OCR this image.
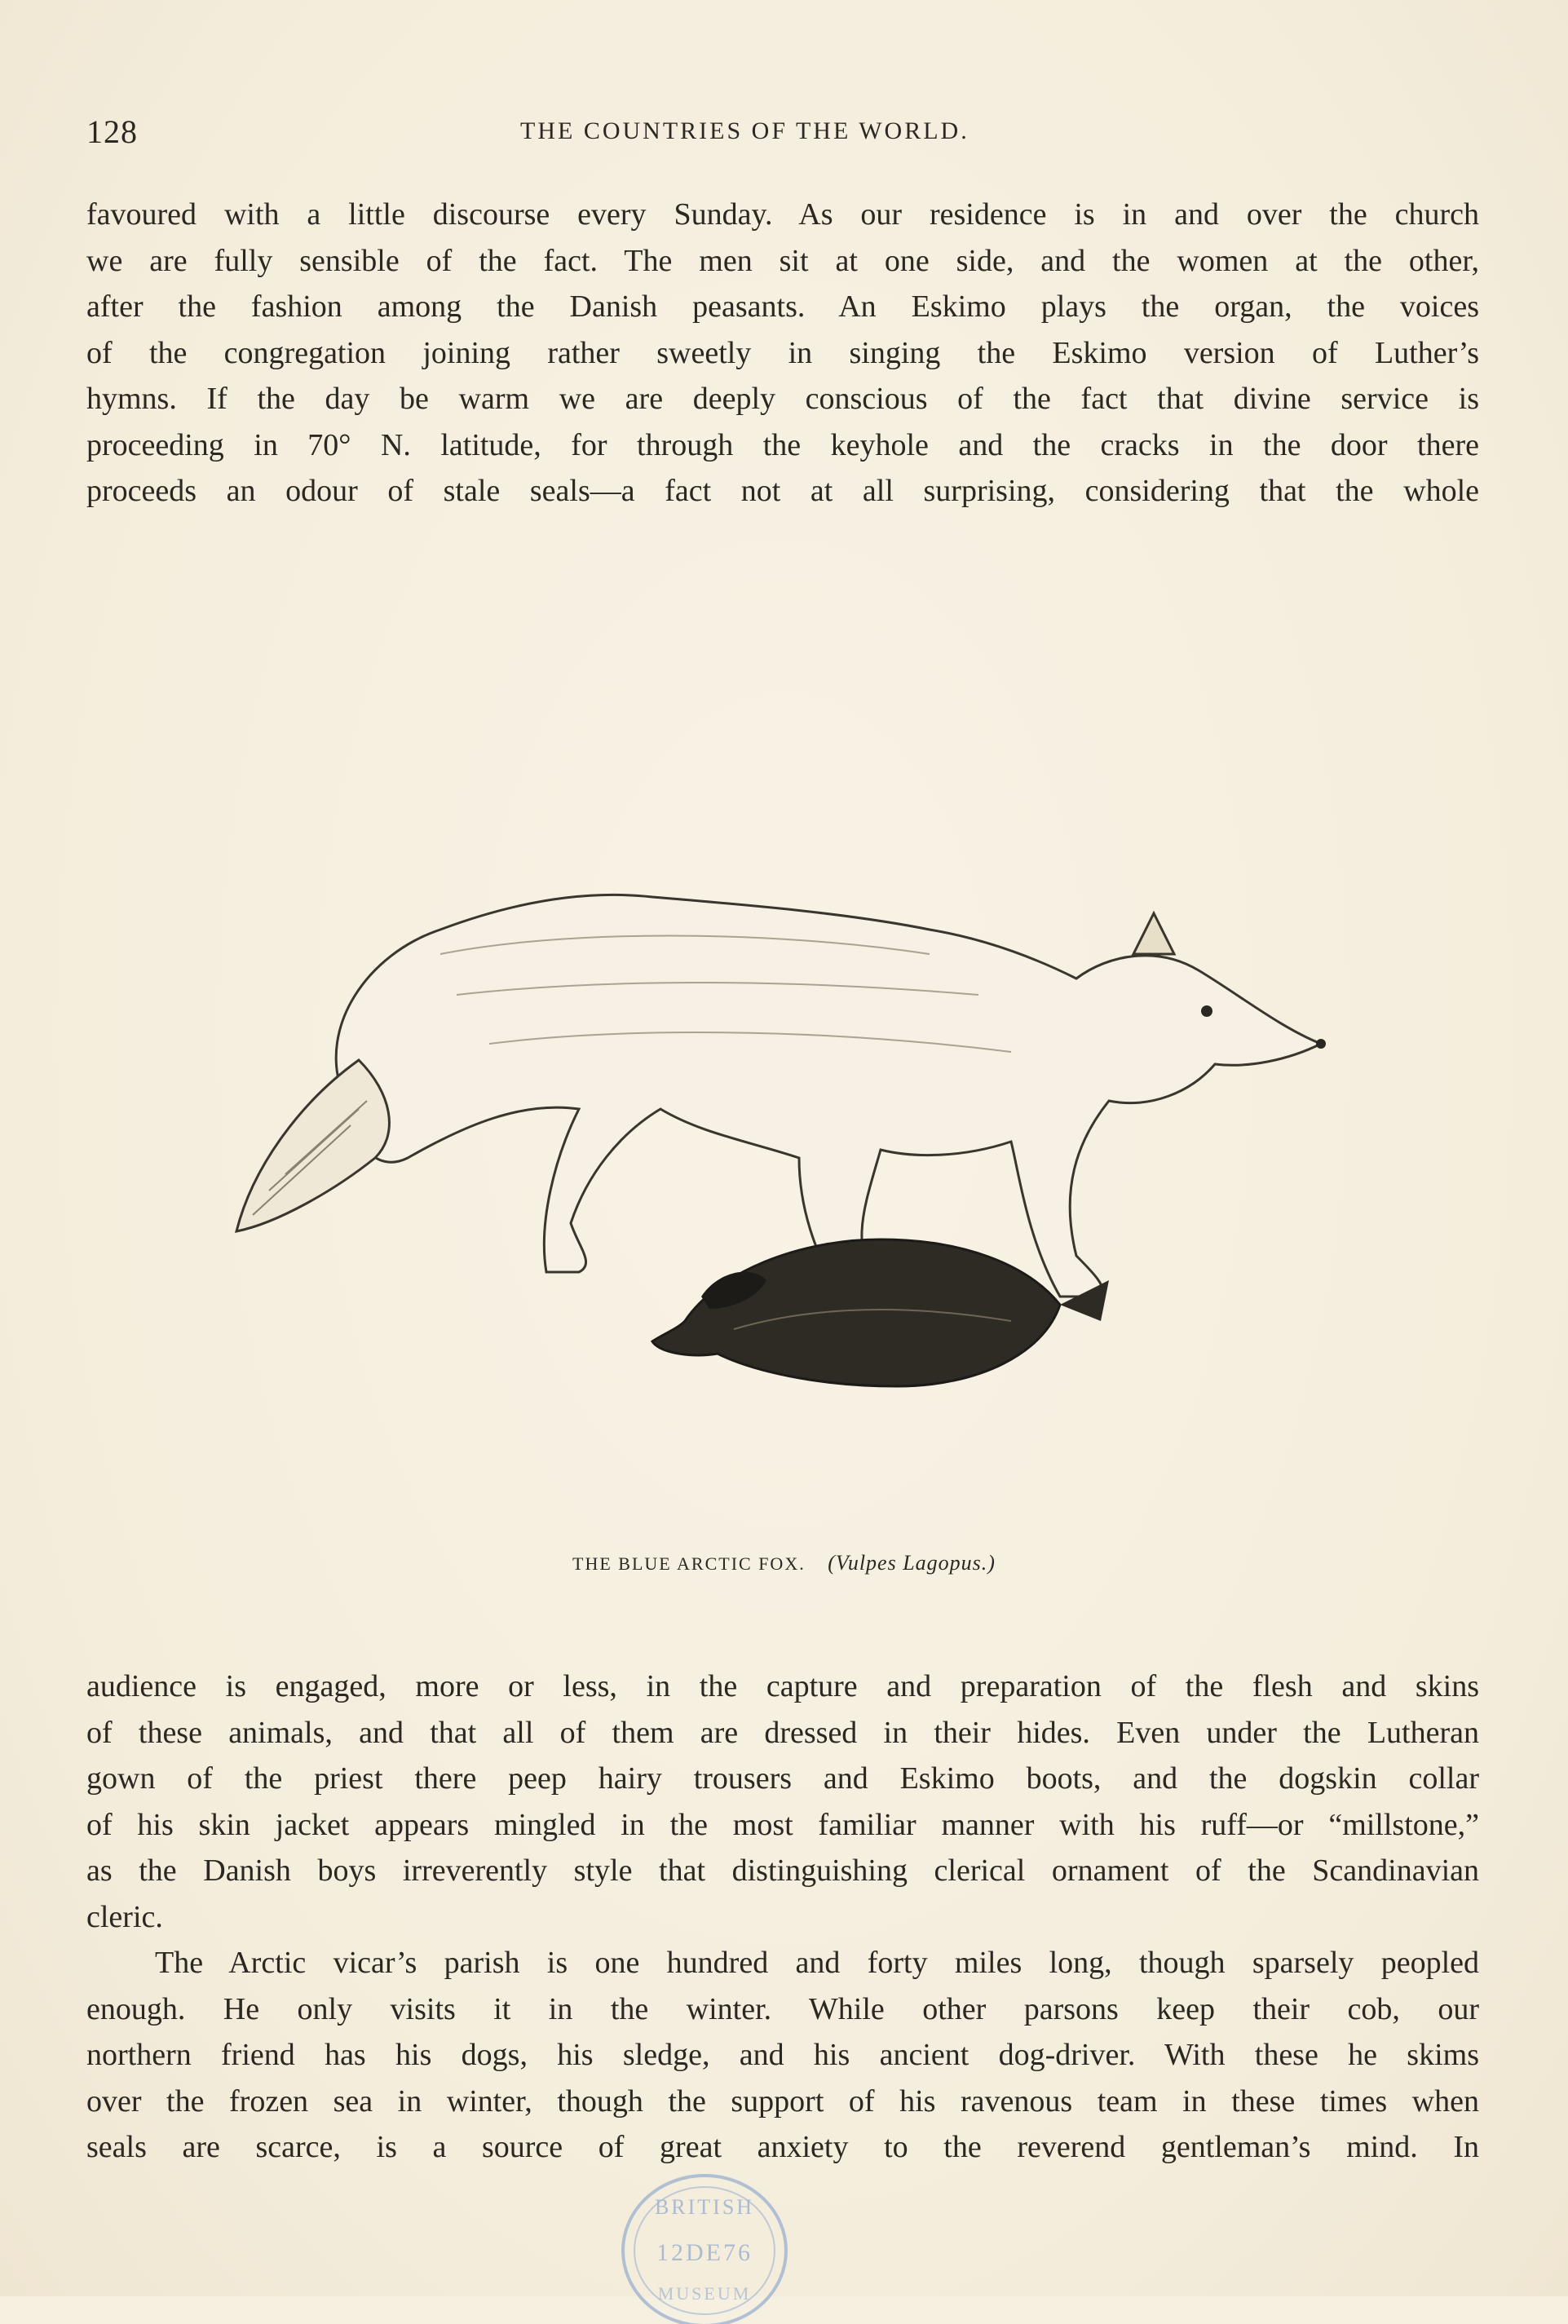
128	THE COUNTRIES OF THE WORLD.
favoured with a little discourse every Sunday. As our residence is in and over the church
we are fully sensible of the fact. The men sit at one side, and the women at the other,
after the fashion among the Danish peasants. An Eskimo plays the organ, the voices
of the congregation joining rather sweetly in singing the Eskimo version of Luther’s
hymns. If the day be warm we are deeply conscious of the fact that divine service is
proceeding in 70° N. latitude, for through the keyhole and the cracks in the door there
proceeds an odour of stale seals—a fact not at all surprising, considering that the whole
THE BLUE ARCTIC FOX. (Vulpes Lagopus.)
audience is engaged, more or less, in the capture and preparation of the flesh and skins
of these animals, and that all of them are dressed in their hides. Even under the Lutheran
gown of the priest there peep hairy trousers and Eskimo boots, and the dogskin collar
of his skin jacket appears mingled in the most familiar manner with his ruff—or “millstone,”
as the Danish boys irreverently style that distinguishing clerical ornament of the Scandinavian
cleric.
The Arctic vicar’s parish is one hundred and forty miles long, though sparsely peopled
enough. He only visits it in the winter. While other parsons keep their cob, our
northern friend has his dogs, his sledge, and his ancient dog-driver. With these he skims
over the frozen sea in winter, though the support of his ravenous team in these times when
seals are scarce, is a source of great anxiety to the reverend gentleman’s mind. In
BRITISH
12DE76
MUSEUM
